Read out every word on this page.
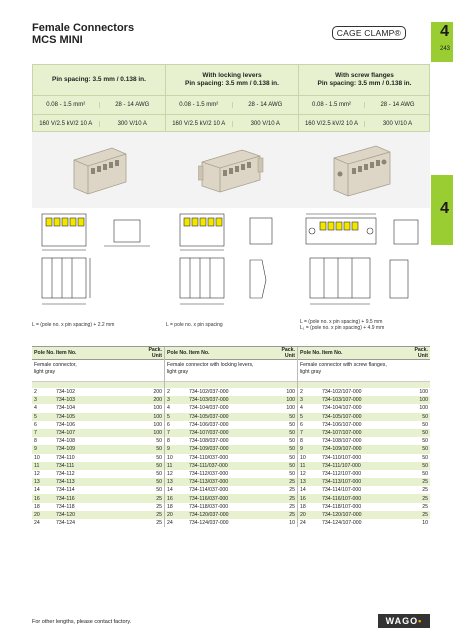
Female Connectors
MCS MINI
CAGE CLAMP®	4
243
4
Pin spacing: 3.5 mm / 0.138 in.
0.08 - 1.5 mm²	28 - 14 AWG
160 V/2.5 kV/2 10 A	300 V/10 A
With locking levers
Pin spacing: 3.5 mm / 0.138 in.
0.08 - 1.5 mm²	28 - 14 AWG
160 V/2.5 kV/2 10 A	300 V/10 A
With screw flanges
Pin spacing: 3.5 mm / 0.138 in.
0.08 - 1.5 mm²	28 - 14 AWG
160 V/2.5 kV/2 10 A	300 V/10 A
L = (pole no. x pin spacing) + 2.2 mm	L = pole no. x pin spacing	L = (pole no. x pin spacing) + 9.5 mm
L₁ = (pole no. x pin spacing) + 4.9 mm
Pole No. Item No.	Pack. Unit
Female connector,
light gray
2	734-102	200
3	734-103	200
4	734-104	100
5	734-105	100
6	734-106	100
7	734-107	100
8	734-108	50
9	734-109	50
10	734-110	50
11	734-111	50
12	734-112	50
13	734-113	50
14	734-114	50
16	734-116	25
18	734-118	25
20	734-120	25
24	734-124	25
Pole No. Item No.	Pack. Unit
Female connector with locking levers,
light gray
2	734-102/037-000	100
3	734-103/037-000	100
4	734-104/037-000	100
5	734-105/037-000	50
6	734-106/037-000	50
7	734-107/037-000	50
8	734-108/037-000	50
9	734-109/037-000	50
10	734-110/037-000	50
11	734-111/037-000	50
12	734-112/037-000	50
13	734-113/037-000	25
14	734-114/037-000	25
16	734-116/037-000	25
18	734-118/037-000	25
20	734-120/037-000	25
24	734-124/037-000	10
Pole No. Item No.	Pack. Unit
Female connector with screw flanges,
light gray
2	734-102/107-000	100
3	734-103/107-000	100
4	734-104/107-000	100
5	734-105/107-000	50
6	734-106/107-000	50
7	734-107/107-000	50
8	734-108/107-000	50
9	734-109/107-000	50
10	734-110/107-000	50
11	734-111/107-000	50
12	734-112/107-000	50
13	734-113/107-000	25
14	734-114/107-000	25
16	734-116/107-000	25
18	734-118/107-000	25
20	734-120/107-000	25
24	734-124/107-000	10
For other lengths, please contact factory.	WAGO •
